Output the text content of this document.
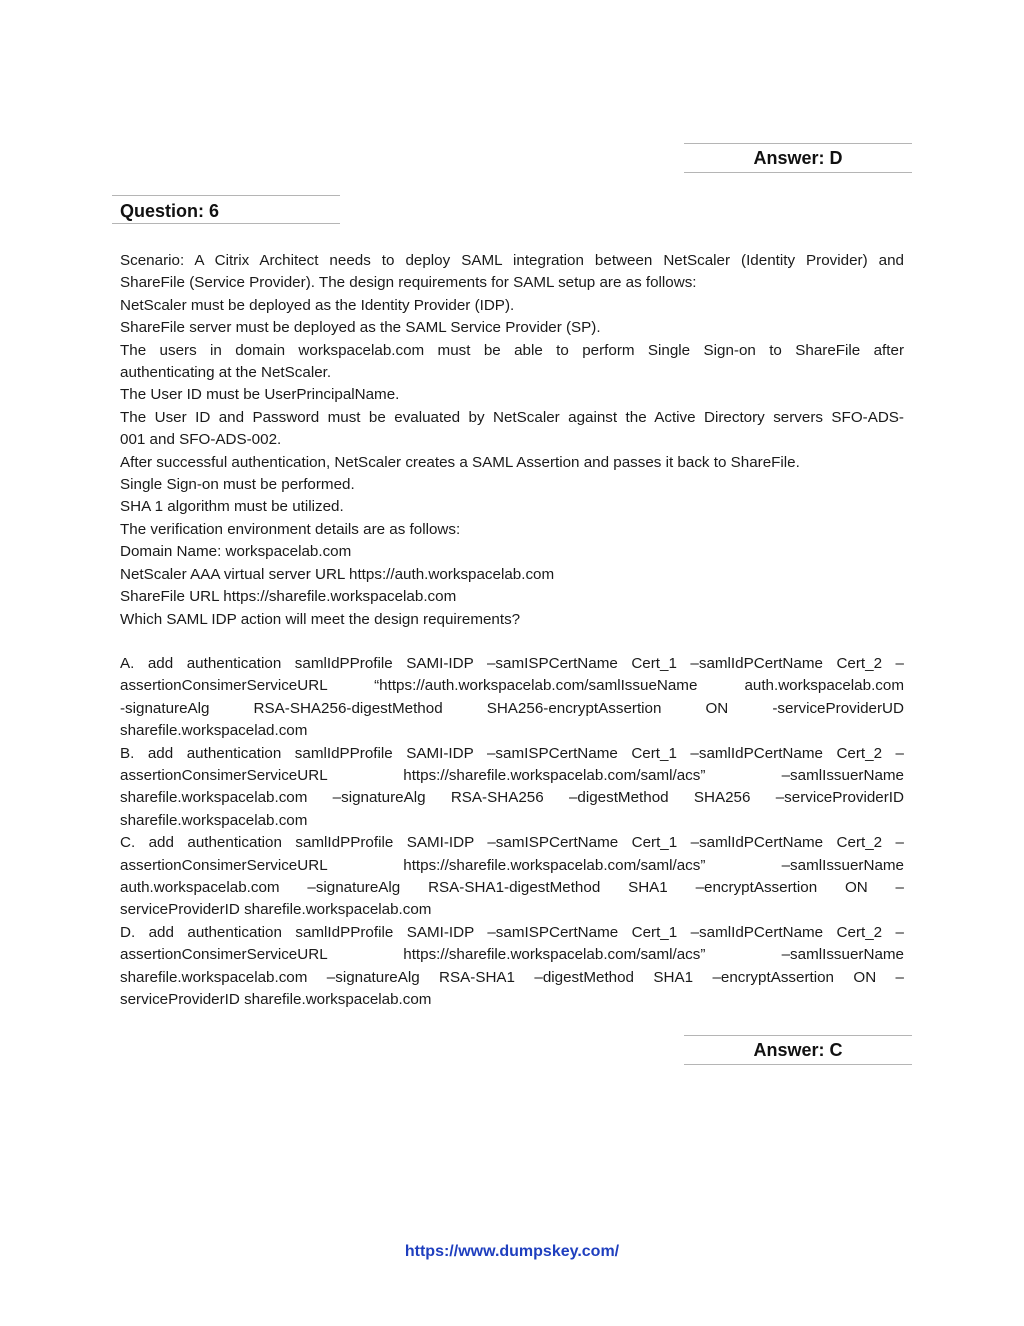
Answer: D
Question: 6
Scenario: A Citrix Architect needs to deploy SAML integration between NetScaler (Identity Provider) and
ShareFile (Service Provider). The design requirements for SAML setup are as follows:
NetScaler must be deployed as the Identity Provider (IDP).
ShareFile server must be deployed as the SAML Service Provider (SP).
The users in domain workspacelab.com must be able to perform Single Sign-on to ShareFile after
authenticating at the NetScaler.
The User ID must be UserPrincipalName.
The User ID and Password must be evaluated by NetScaler against the Active Directory servers SFO-ADS-
001 and SFO-ADS-002.
After successful authentication, NetScaler creates a SAML Assertion and passes it back to ShareFile.
Single Sign-on must be performed.
SHA 1 algorithm must be utilized.
The verification environment details are as follows:
Domain Name: workspacelab.com
NetScaler AAA virtual server URL https://auth.workspacelab.com
ShareFile URL https://sharefile.workspacelab.com
Which SAML IDP action will meet the design requirements?
A. add authentication samlIdPProfile SAMI-IDP –samISPCertName Cert_1 –samlIdPCertName Cert_2 –
assertionConsimerServiceURL “https://auth.workspacelab.com/samlIssueName auth.workspacelab.com
-signatureAlg RSA-SHA256-digestMethod SHA256-encryptAssertion ON -serviceProviderUD
sharefile.workspacelad.com
B. add authentication samlIdPProfile SAMI-IDP –samISPCertName Cert_1 –samlIdPCertName Cert_2 –
assertionConsimerServiceURL https://sharefile.workspacelab.com/saml/acs” –samlIssuerName
sharefile.workspacelab.com –signatureAlg RSA-SHA256 –digestMethod SHA256 –serviceProviderID
sharefile.workspacelab.com
C. add authentication samlIdPProfile SAMI-IDP –samISPCertName Cert_1 –samlIdPCertName Cert_2 –
assertionConsimerServiceURL https://sharefile.workspacelab.com/saml/acs” –samlIssuerName
auth.workspacelab.com –signatureAlg RSA-SHA1-digestMethod SHA1 –encryptAssertion ON –
serviceProviderID sharefile.workspacelab.com
D. add authentication samlIdPProfile SAMI-IDP –samISPCertName Cert_1 –samlIdPCertName Cert_2 –
assertionConsimerServiceURL https://sharefile.workspacelab.com/saml/acs” –samlIssuerName
sharefile.workspacelab.com –signatureAlg RSA-SHA1 –digestMethod SHA1 –encryptAssertion ON –
serviceProviderID sharefile.workspacelab.com
Answer: C
https://www.dumpskey.com/
